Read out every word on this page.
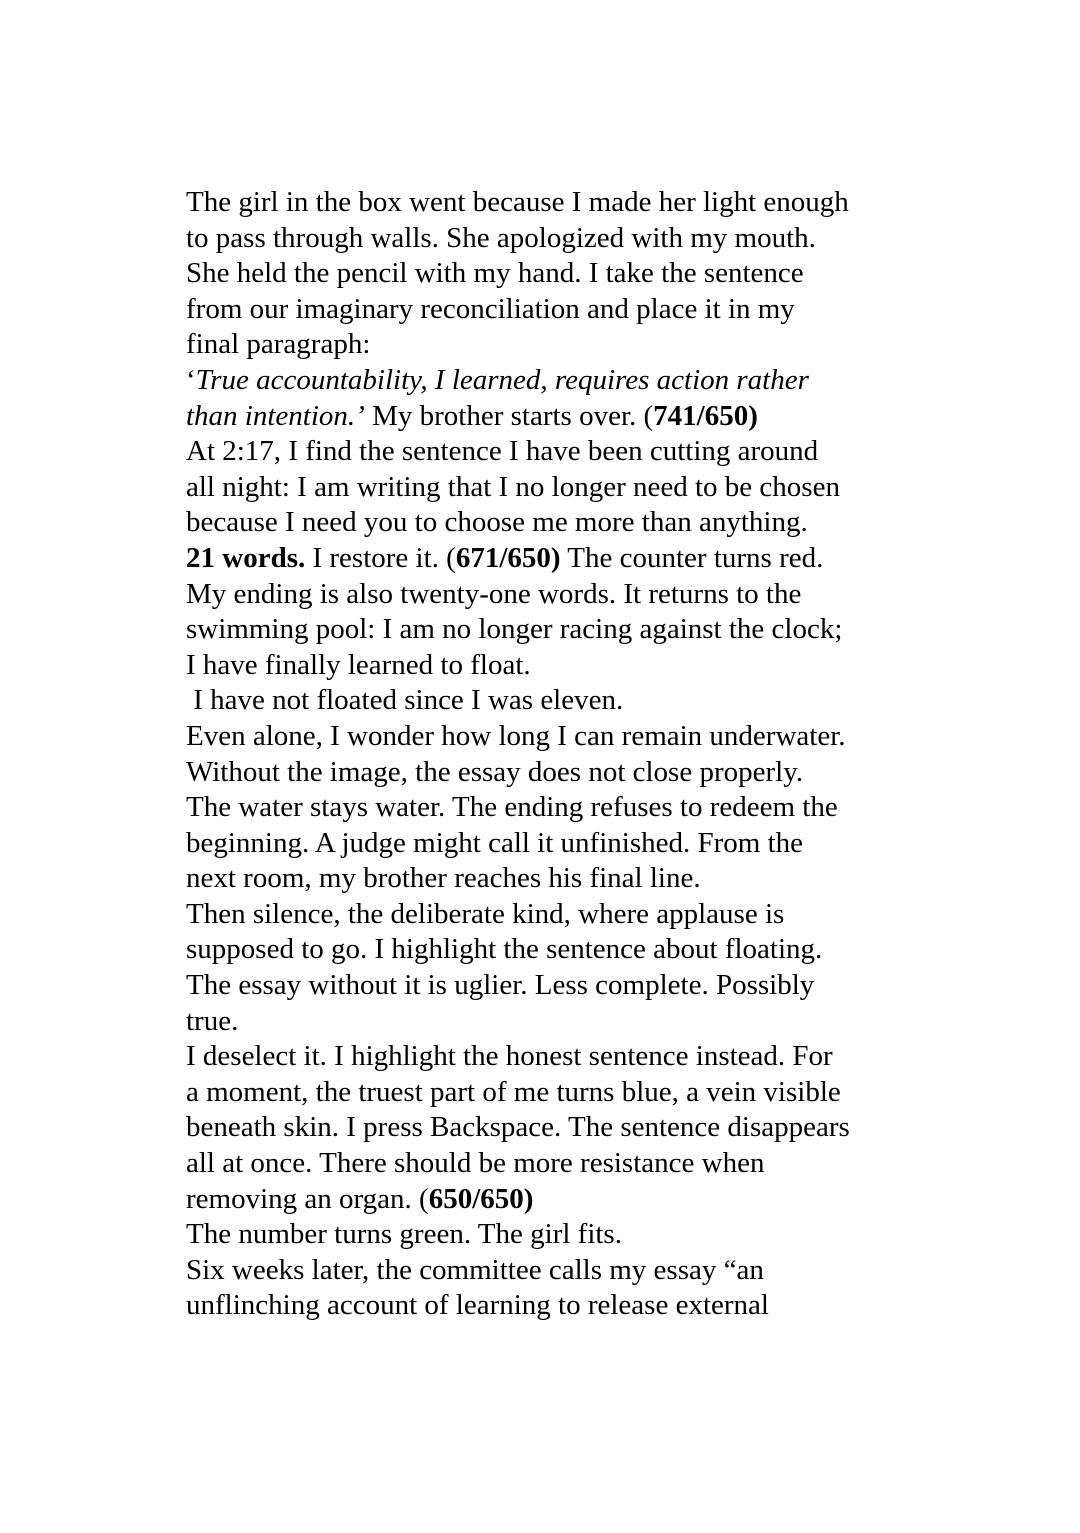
The girl in the box went because I made her light enough
to pass through walls. She apologized with my mouth.
She held the pencil with my hand. I take the sentence
from our imaginary reconciliation and place it in my
final paragraph:
‘True accountability, I learned, requires action rather
than intention.’ My brother starts over. (741/650)
At 2:17, I find the sentence I have been cutting around
all night: I am writing that I no longer need to be chosen
because I need you to choose me more than anything.
21 words. I restore it. (671/650) The counter turns red.
My ending is also twenty-one words. It returns to the
swimming pool: I am no longer racing against the clock;
I have finally learned to float.
I have not floated since I was eleven.
Even alone, I wonder how long I can remain underwater.
Without the image, the essay does not close properly.
The water stays water. The ending refuses to redeem the
beginning. A judge might call it unfinished. From the
next room, my brother reaches his final line.
Then silence, the deliberate kind, where applause is
supposed to go. I highlight the sentence about floating.
The essay without it is uglier. Less complete. Possibly
true.
I deselect it. I highlight the honest sentence instead. For
a moment, the truest part of me turns blue, a vein visible
beneath skin. I press Backspace. The sentence disappears
all at once. There should be more resistance when
removing an organ. (650/650)
The number turns green. The girl fits.
Six weeks later, the committee calls my essay “an
unflinching account of learning to release external
